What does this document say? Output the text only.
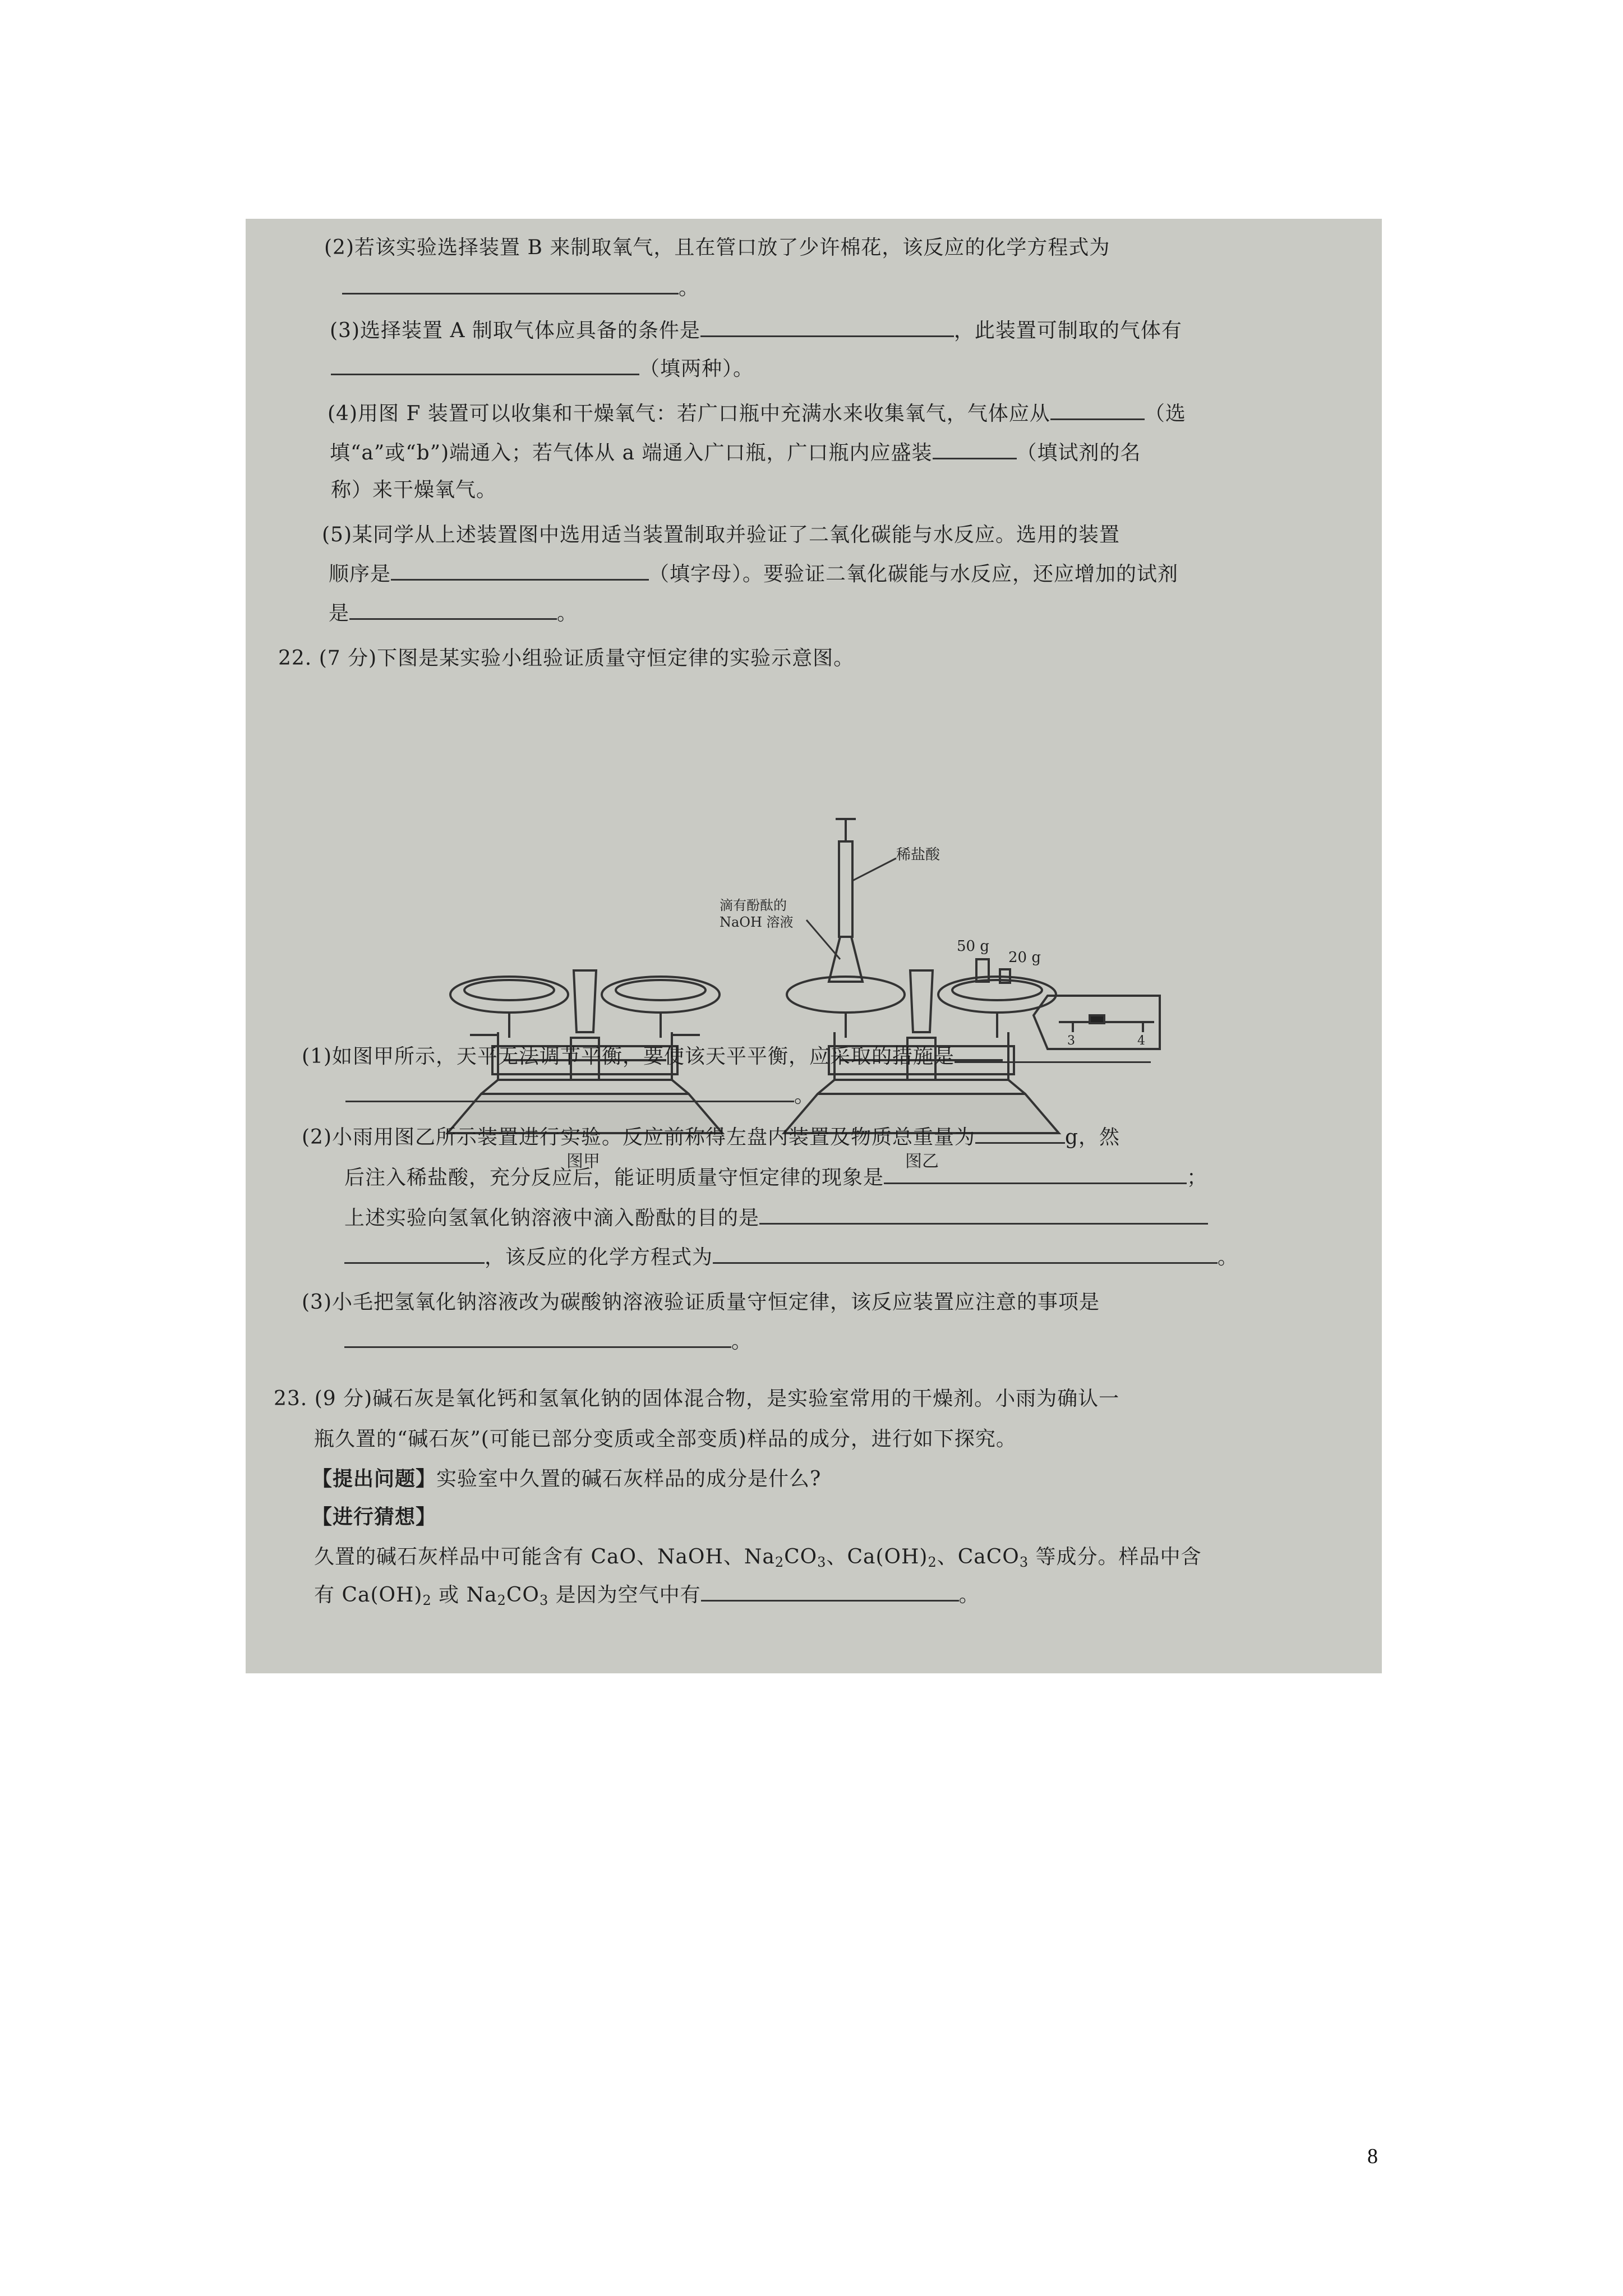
(2)若该实验选择装置 B 来制取氧气，且在管口放了少许棉花，该反应的化学方程式为

。

(3)选择装置 A 制取气体应具备的条件是	，此装置可制取的气体有

（填两种）。

(4)用图 F 装置可以收集和干燥氧气：若广口瓶中充满水来收集氧气，气体应从	（选

填“a”或“b”)端通入；若气体从 a 端通入广口瓶，广口瓶内应盛装	（填试剂的名

称）来干燥氧气。

(5)某同学从上述装置图中选用适当装置制取并验证了二氧化碳能与水反应。选用的装置

顺序是	（填字母）。要验证二氧化碳能与水反应，还应增加的试剂

是	。

22. (7 分)下图是某实验小组验证质量守恒定律的实验示意图。

图甲
稀盐酸
滴有酚酞的
NaOH 溶液
50 g
20 g
3	4
图乙

(1)如图甲所示，天平无法调节平衡，要使该天平平衡，应采取的措施是

。

(2)小雨用图乙所示装置进行实验。反应前称得左盘内装置及物质总重量为	g，然

后注入稀盐酸，充分反应后，能证明质量守恒定律的现象是	；

上述实验向氢氧化钠溶液中滴入酚酞的目的是

，该反应的化学方程式为	。

(3)小毛把氢氧化钠溶液改为碳酸钠溶液验证质量守恒定律，该反应装置应注意的事项是

。

23. (9 分)碱石灰是氧化钙和氢氧化钠的固体混合物，是实验室常用的干燥剂。小雨为确认一

瓶久置的“碱石灰”(可能已部分变质或全部变质)样品的成分，进行如下探究。

【提出问题】实验室中久置的碱石灰样品的成分是什么?

【进行猜想】

久置的碱石灰样品中可能含有 CaO、NaOH、$Na_2CO_3$、$Ca(OH)_2$、CaCO$_3$ 等成分。样品中含

有 $Ca(OH)_2$ 或 $Na_2CO_3$ 是因为空气中有	。

8
